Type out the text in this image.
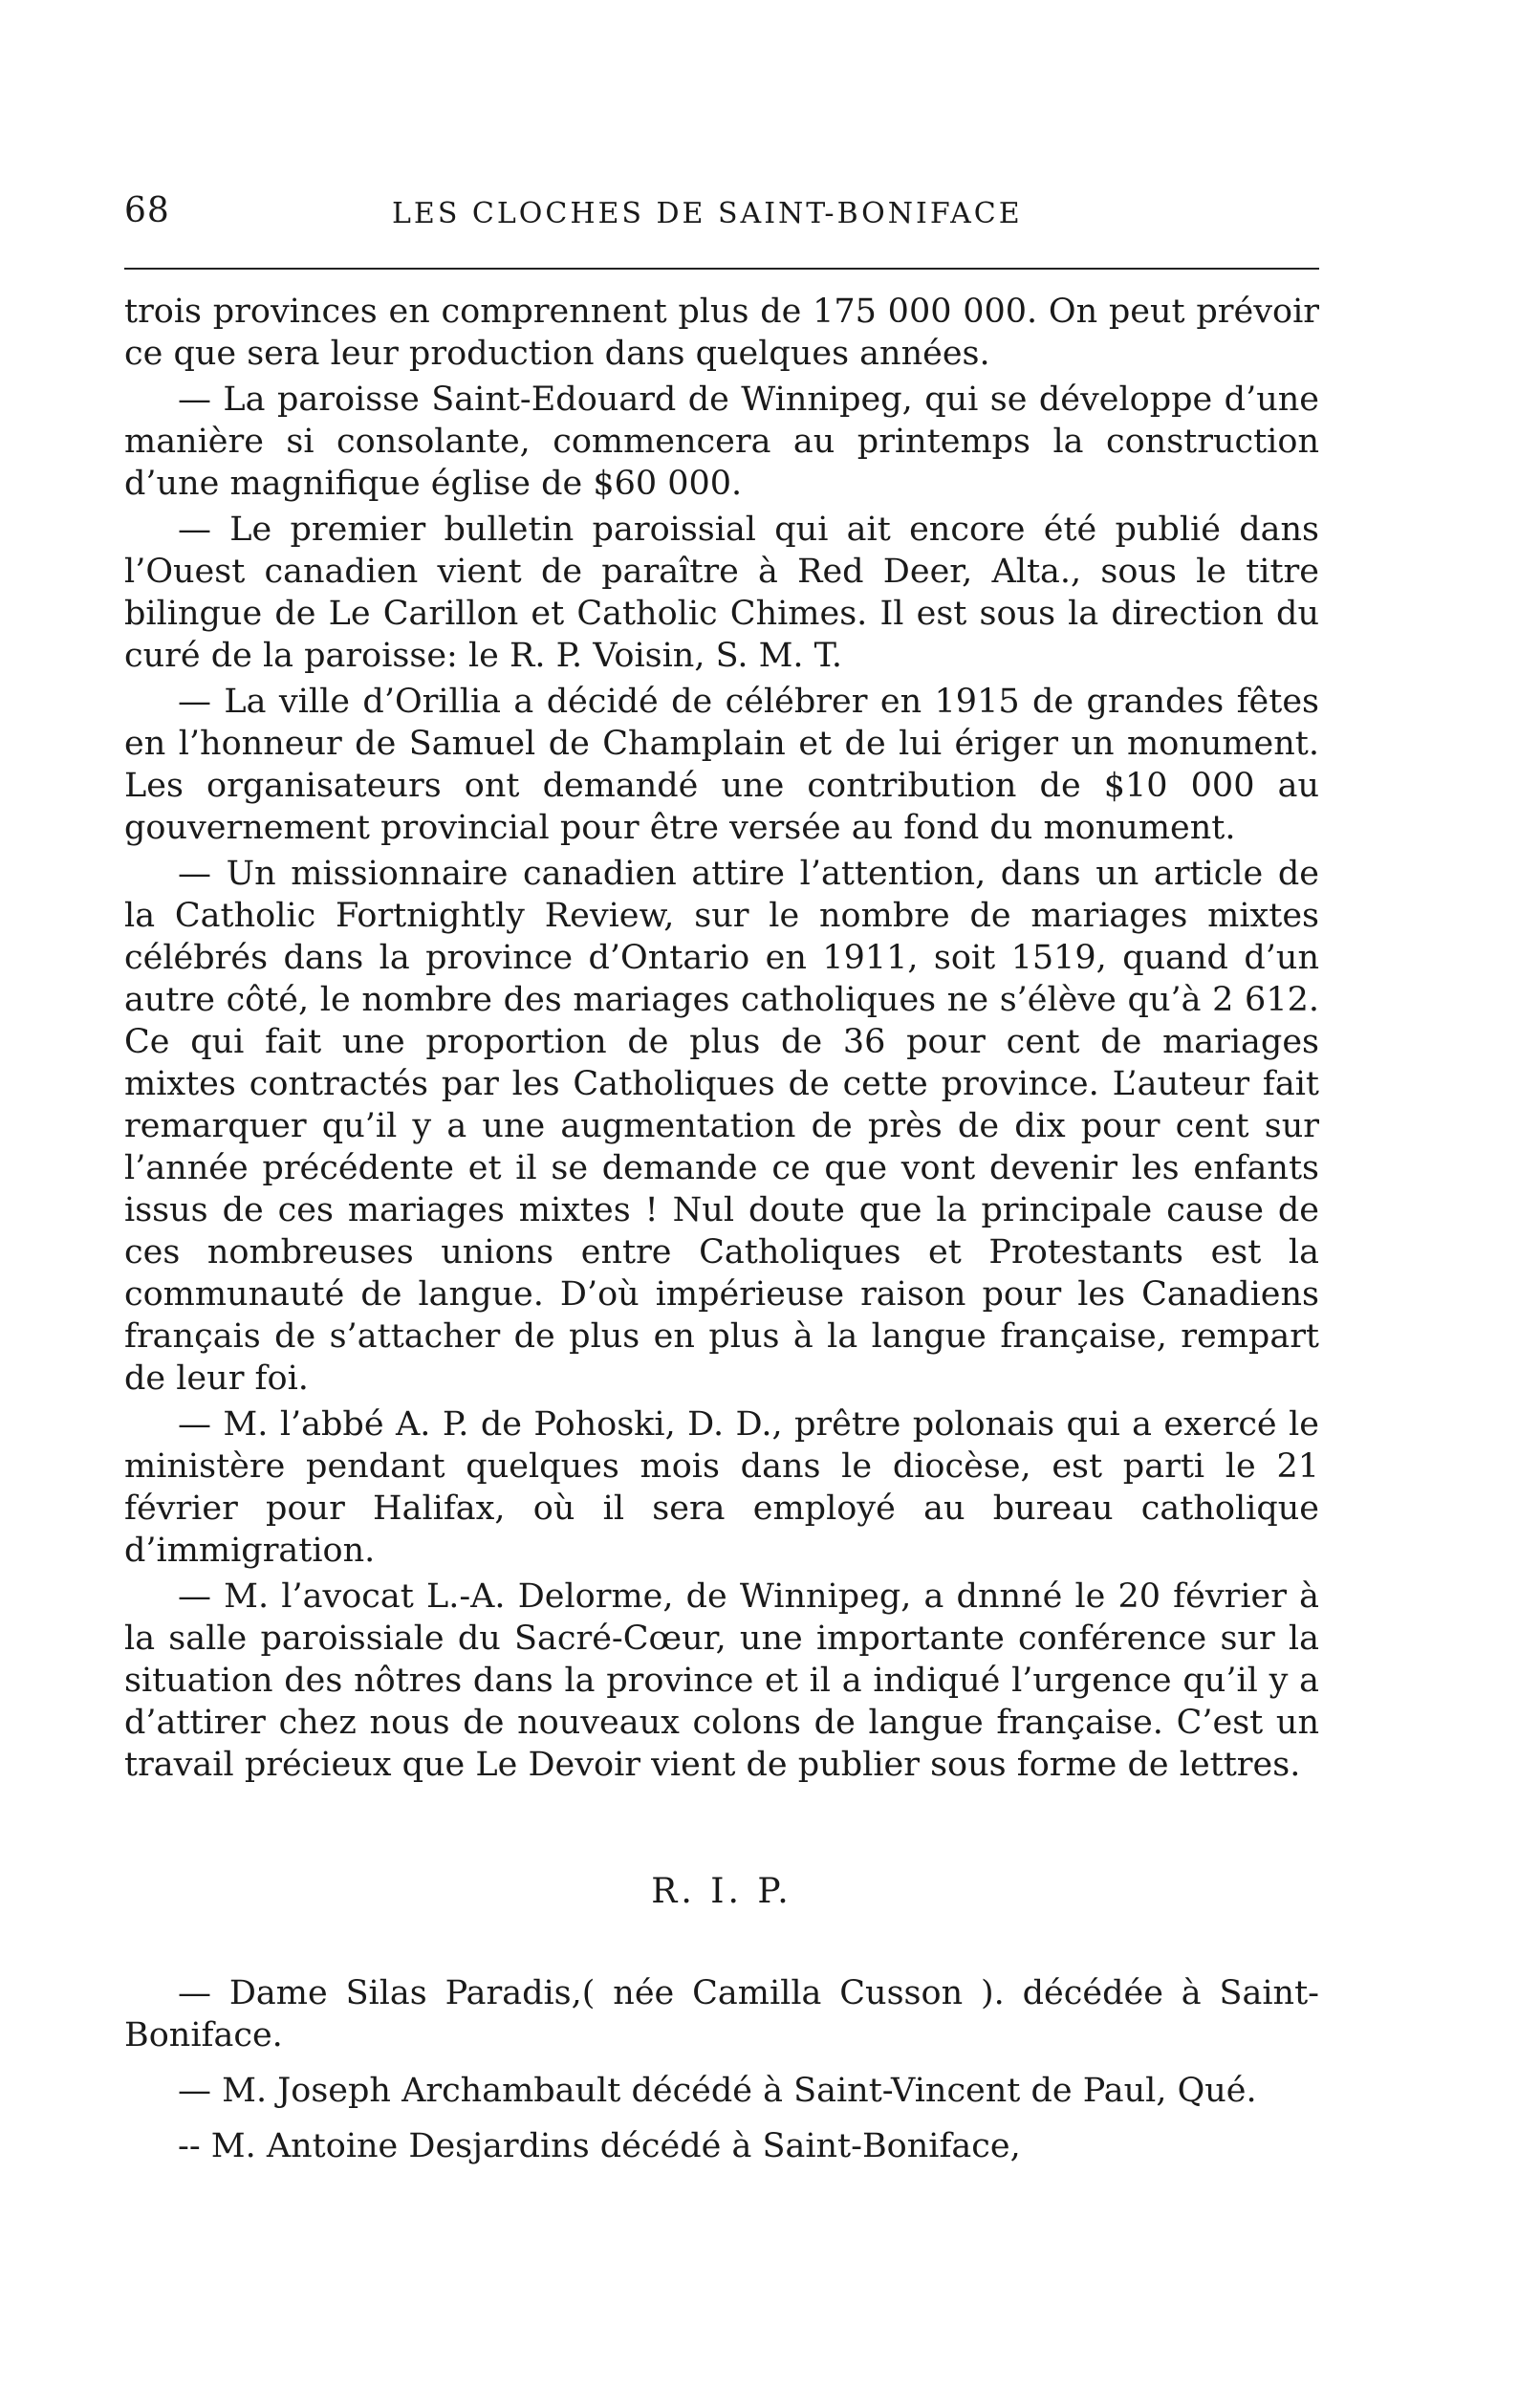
68	LES CLOCHES DE SAINT-BONIFACE

trois provinces en comprennent plus de 175 000 000. On peut prévoir ce que sera leur production dans quelques années.

— La paroisse Saint-Edouard de Winnipeg, qui se développe d’une manière si consolante, commencera au printemps la construction d’une magnifique église de $60 000.

— Le premier bulletin paroissial qui ait encore été publié dans l’Ouest canadien vient de paraître à Red Deer, Alta., sous le titre bilingue de Le Carillon et Catholic Chimes. Il est sous la direction du curé de la paroisse: le R. P. Voisin, S. M. T.

— La ville d’Orillia a décidé de célébrer en 1915 de grandes fêtes en l’honneur de Samuel de Champlain et de lui ériger un monument. Les organisateurs ont demandé une contribution de $10 000 au gouvernement provincial pour être versée au fond du monument.

— Un missionnaire canadien attire l’attention, dans un article de la Catholic Fortnightly Review, sur le nombre de mariages mixtes célébrés dans la province d’Ontario en 1911, soit 1519, quand d’un autre côté, le nombre des mariages catholiques ne s’élève qu’à 2 612. Ce qui fait une proportion de plus de 36 pour cent de mariages mixtes contractés par les Catholiques de cette province. L’auteur fait remarquer qu’il y a une augmentation de près de dix pour cent sur l’année précédente et il se demande ce que vont devenir les enfants issus de ces mariages mixtes ! Nul doute que la principale cause de ces nombreuses unions entre Catholiques et Protestants est la communauté de langue. D’où impérieuse raison pour les Canadiens français de s’attacher de plus en plus à la langue française, rempart de leur foi.

— M. l’abbé A. P. de Pohoski, D. D., prêtre polonais qui a exercé le ministère pendant quelques mois dans le diocèse, est parti le 21 février pour Halifax, où il sera employé au bureau catholique d’immigration.

— M. l’avocat L.-A. Delorme, de Winnipeg, a dnnné le 20 février à la salle paroissiale du Sacré-Cœur, une importante conférence sur la situation des nôtres dans la province et il a indiqué l’urgence qu’il y a d’attirer chez nous de nouveaux colons de langue française. C’est un travail précieux que Le Devoir vient de publier sous forme de lettres.

R. I. P.

— Dame Silas Paradis,( née Camilla Cusson ). décédée à Saint-Boniface.

— M. Joseph Archambault décédé à Saint-Vincent de Paul, Qué.

-- M. Antoine Desjardins décédé à Saint-Boniface,
